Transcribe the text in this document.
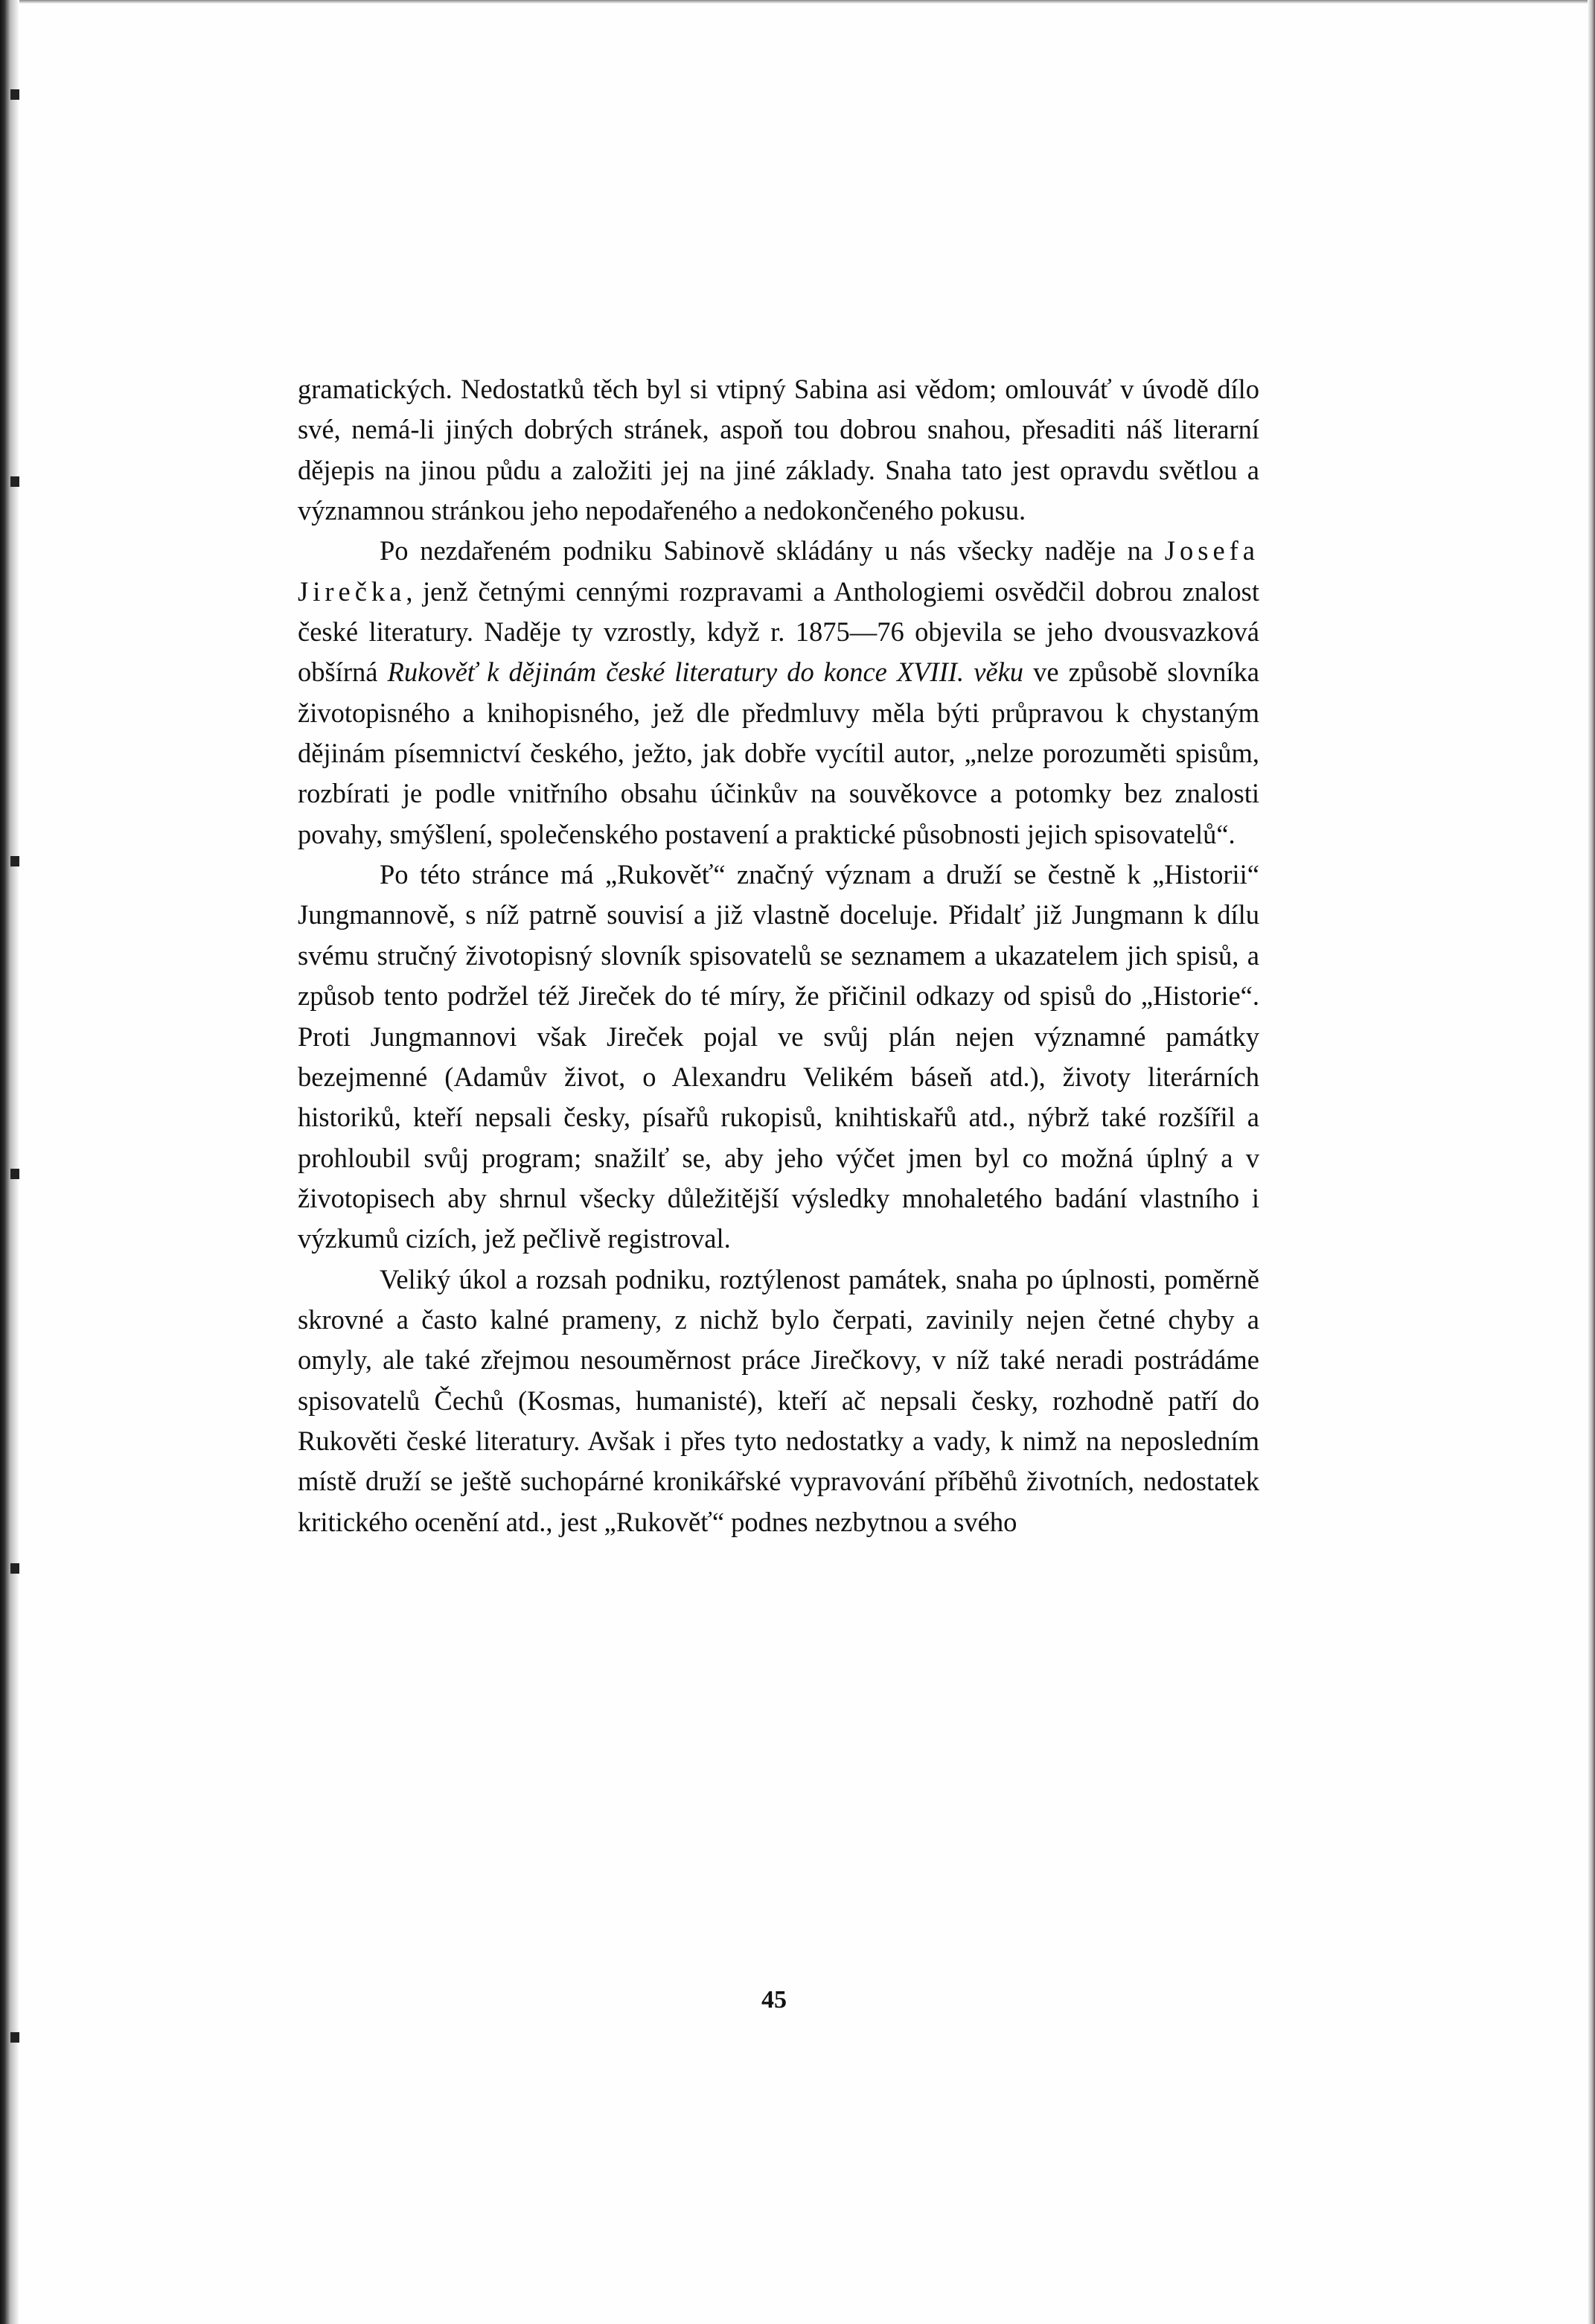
gramatických. Nedostatků těch byl si vtipný Sabina asi vědom; omlouváť v úvodě dílo své, nemá-li jiných dobrých stránek, aspoň tou dobrou snahou, přesaditi náš literarní dějepis na jinou půdu a založiti jej na jiné základy. Snaha tato jest opravdu světlou a významnou stránkou jeho nepodařeného a nedokončeného pokusu.

Po nezdařeném podniku Sabinově skládány u nás všecky naděje na Josefa Jirečka, jenž četnými cennými rozpravami a Anthologiemi osvědčil dobrou znalost české literatury. Naděje ty vzrostly, když r. 1875—76 objevila se jeho dvousvazková obšírná Rukověť k dějinám české literatury do konce XVIII. věku ve způsobě slovníka životopisného a knihopisného, jež dle předmluvy měla býti průpravou k chystaným dějinám písemnictví českého, ježto, jak dobře vycítil autor, „nelze porozuměti spisům, rozbírati je podle vnitřního obsahu účinkův na souvěkovce a potomky bez znalosti povahy, smýšlení, společenského postavení a praktické působnosti jejich spisovatelů“.

Po této stránce má „Rukověť“ značný význam a druží se čestně k „Historii“ Jungmannově, s níž patrně souvisí a již vlastně doceluje. Přidalť již Jungmann k dílu svému stručný životopisný slovník spisovatelů se seznamem a ukazatelem jich spisů, a způsob tento podržel též Jireček do té míry, že přičinil odkazy od spisů do „Historie“. Proti Jungmannovi však Jireček pojal ve svůj plán nejen významné památky bezejmenné (Adamův život, o Alexandru Velikém báseň atd.), životy literárních historiků, kteří nepsali česky, písařů rukopisů, knihtiskařů atd., nýbrž také rozšířil a prohloubil svůj program; snažilť se, aby jeho výčet jmen byl co možná úplný a v životopisech aby shrnul všecky důležitější výsledky mnohaletého badání vlastního i výzkumů cizích, jež pečlivě registroval.

Veliký úkol a rozsah podniku, roztýlenost památek, snaha po úplnosti, poměrně skrovné a často kalné prameny, z nichž bylo čerpati, zavinily nejen četné chyby a omyly, ale také zřejmou nesouměrnost práce Jirečkovy, v níž také neradi postrádáme spisovatelů Čechů (Kosmas, humanisté), kteří ač nepsali česky, rozhodně patří do Rukověti české literatury. Avšak i přes tyto nedostatky a vady, k nimž na neposledním místě druží se ještě suchopárné kronikářské vypravování příběhů životních, nedostatek kritického ocenění atd., jest „Rukověť“ podnes nezbytnou a svého

45
